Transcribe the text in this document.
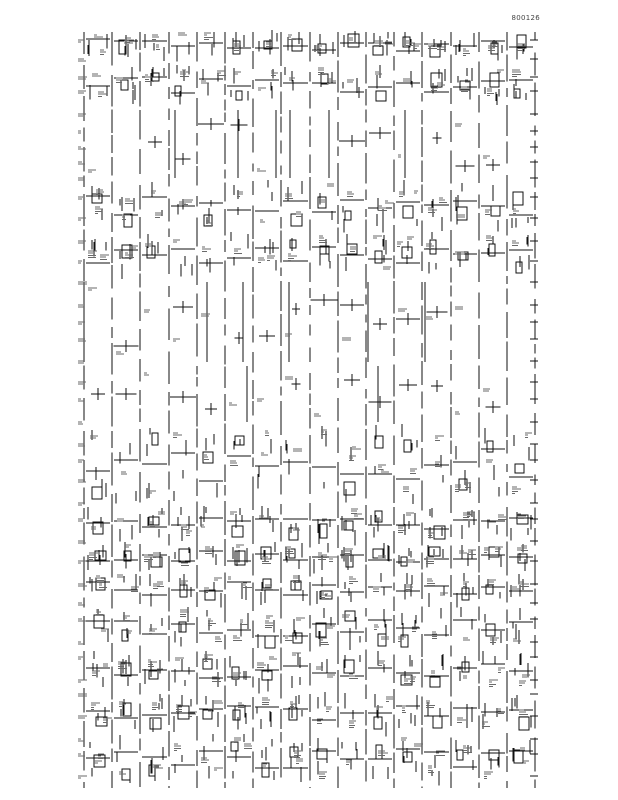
800126
